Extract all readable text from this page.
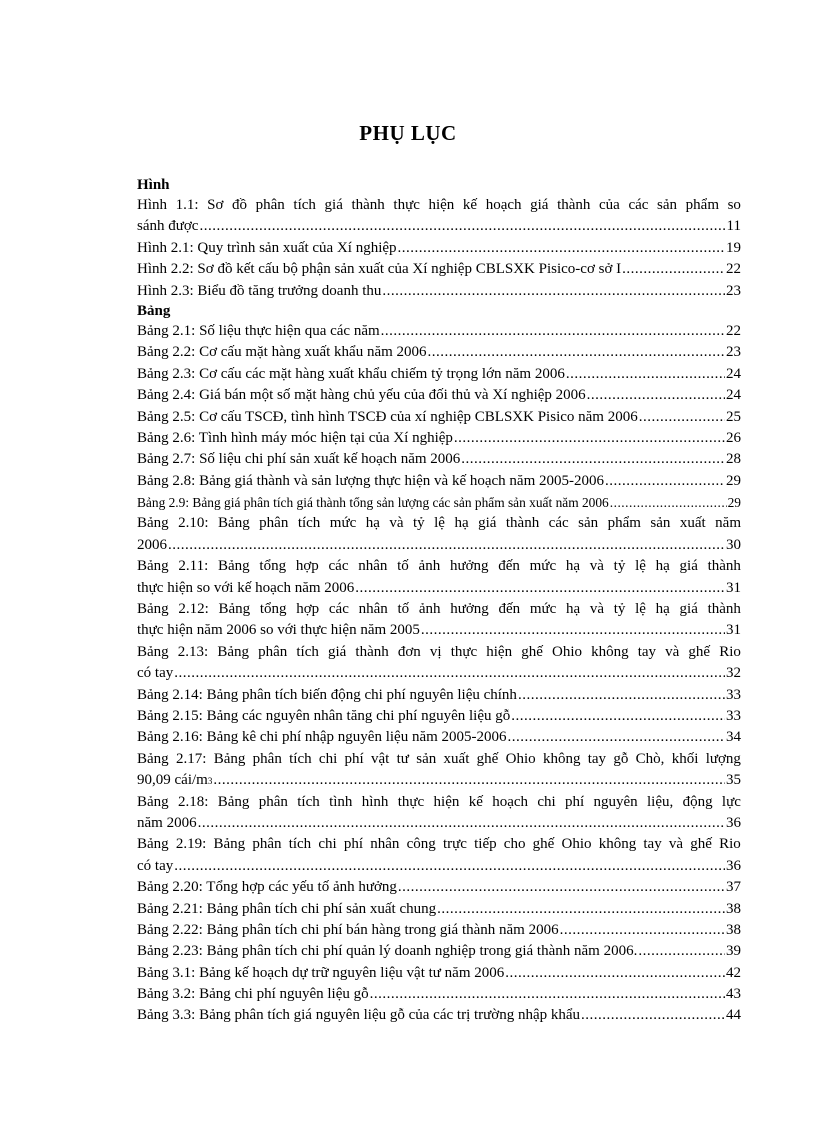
PHỤ LỤC
Hình
Hình 1.1: Sơ đồ phân tích giá thành thực hiện kế hoạch giá thành của các sản phẩm so
sánh được .....	11
Hình 2.1: Quy trình sản xuất của Xí nghiệp .....	19
Hình 2.2: Sơ đồ kết cấu bộ phận sản xuất của Xí nghiệp CBLSXK Pisico-cơ sở I .....	22
Hình 2.3: Biểu đồ tăng trưởng doanh thu .....	23
Bảng
Bảng 2.1: Số liệu thực hiện qua các năm .....	22
Bảng 2.2: Cơ cấu mặt hàng xuất khẩu năm 2006 .....	23
Bảng 2.3: Cơ cấu các mặt hàng xuất khẩu chiếm tỷ trọng lớn năm 2006 .....	24
Bảng 2.4: Giá bán một số mặt hàng chủ yếu của đối thủ và Xí nghiệp 2006 .....	24
Bảng 2.5: Cơ cấu TSCĐ, tình hình TSCĐ của xí nghiệp CBLSXK Pisico năm 2006 .....	25
Bảng 2.6: Tình hình máy móc hiện tại của Xí nghiệp .....	26
Bảng 2.7: Số liệu chi phí sản xuất kế hoạch năm 2006 .....	28
Bảng 2.8: Bảng giá thành và sản lượng thực hiện và kế hoạch năm 2005-2006 .....	29
Bảng 2.9: Bảng giá phân tích giá thành tổng sản lượng các sản phẩm sản xuất năm 2006 .....	29
Bảng 2.10: Bảng phân tích mức hạ và tỷ lệ hạ giá thành các sản phẩm sản xuất năm
2006 .....	30
Bảng 2.11: Bảng tổng hợp các nhân tố ảnh hưởng đến mức hạ và tỷ lệ hạ giá thành
thực hiện so với kế hoạch năm 2006 .....	31
Bảng 2.12: Bảng tổng hợp các nhân tố ảnh hưởng đến mức hạ và tỷ lệ hạ giá thành
thực hiện năm 2006 so với thực hiện năm 2005 .....	31
Bảng 2.13: Bảng phân tích giá thành đơn vị thực hiện ghế Ohio không tay và ghế Rio
có tay .....	32
Bảng 2.14: Bảng phân tích biến động chi phí nguyên liệu chính .....	33
Bảng 2.15: Bảng các nguyên nhân tăng chi phí nguyên liệu gỗ .....	33
Bảng 2.16: Bảng kê chi phí nhập nguyên liệu năm 2005-2006 .....	34
Bảng 2.17: Bảng phân tích chi phí vật tư sản xuất ghế Ohio không tay gỗ Chò, khối lượng
90,09 cái/m 3 .....	35
Bảng 2.18: Bảng phân tích tình hình thực hiện kế hoạch chi phí nguyên liệu, động lực
năm 2006 .....	36
Bảng 2.19: Bảng phân tích chi phí nhân công trực tiếp cho ghế Ohio không tay và ghế Rio
có tay .....	36
Bảng 2.20: Tổng hợp các yếu tố ảnh hưởng .....	37
Bảng 2.21: Bảng phân tích chi phí sản xuất chung .....	38
Bảng 2.22: Bảng phân tích chi phí bán hàng trong giá thành năm 2006 .....	38
Bảng 2.23: Bảng phân tích chi phí quản lý doanh nghiệp trong giá thành năm 2006. .....	39
Bảng 3.1: Bảng kế hoạch dự trữ nguyên liệu vật tư năm 2006 .....	42
Bảng 3.2: Bảng chi phí nguyên liệu gỗ .....	43
Bảng 3.3: Bảng phân tích giá nguyên liệu gỗ của các trị trường nhập khẩu .....	44
